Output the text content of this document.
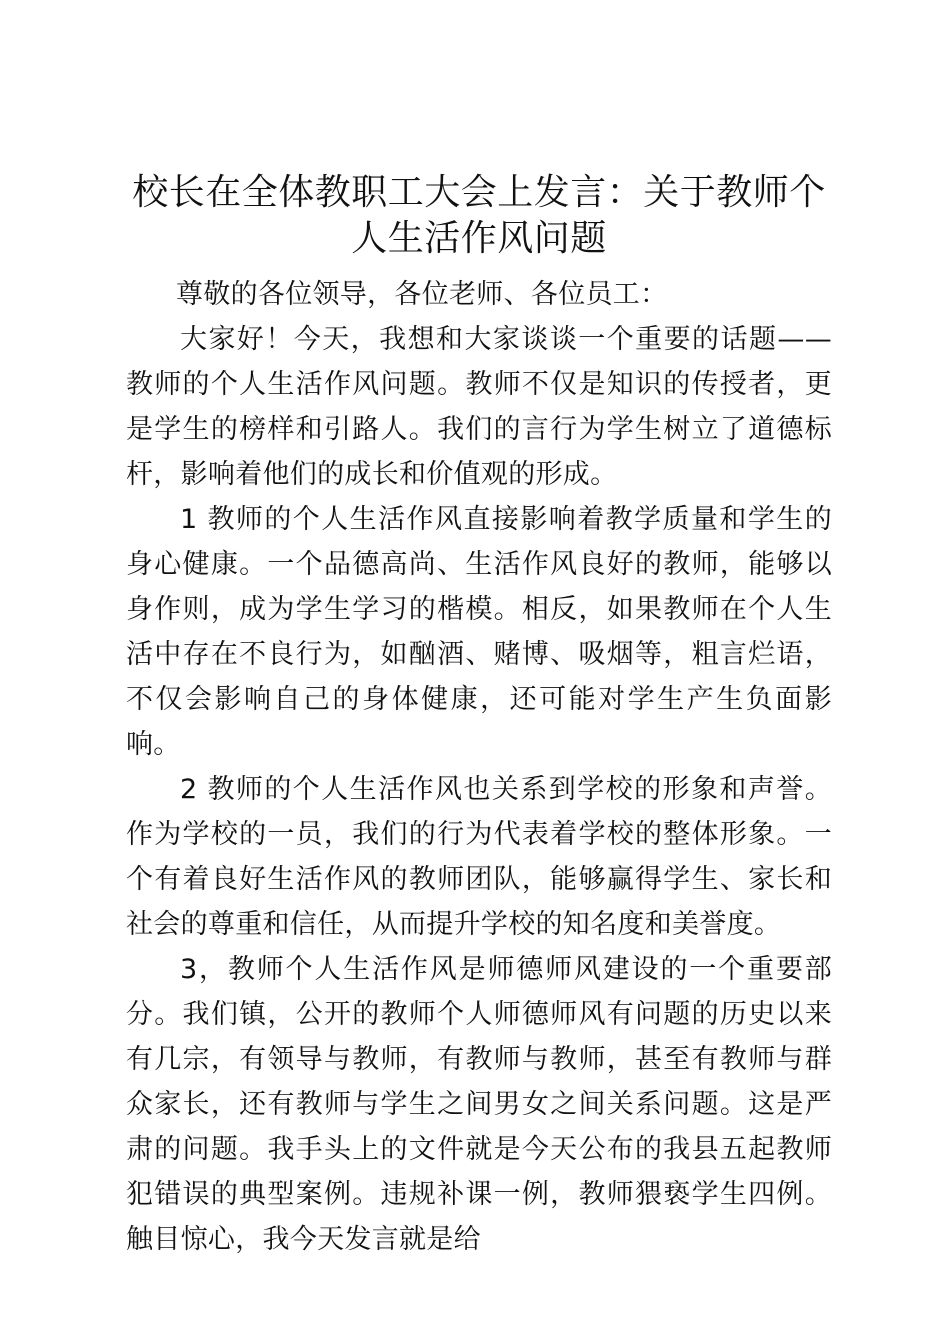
校长在全体教职工大会上发言：关于教师个人生活作风问题

尊敬的各位领导，各位老师、各位员工：

大家好！今天，我想和大家谈谈一个重要的话题——教师的个人生活作风问题。教师不仅是知识的传授者，更是学生的榜样和引路人。我们的言行为学生树立了道德标杆，影响着他们的成长和价值观的形成。

1 教师的个人生活作风直接影响着教学质量和学生的身心健康。一个品德高尚、生活作风良好的教师，能够以身作则，成为学生学习的楷模。相反，如果教师在个人生活中存在不良行为，如酗酒、赌博、吸烟等，粗言烂语，不仅会影响自己的身体健康，还可能对学生产生负面影响。

2 教师的个人生活作风也关系到学校的形象和声誉。作为学校的一员，我们的行为代表着学校的整体形象。一个有着良好生活作风的教师团队，能够赢得学生、家长和社会的尊重和信任，从而提升学校的知名度和美誉度。

3，教师个人生活作风是师德师风建设的一个重要部分。我们镇，公开的教师个人师德师风有问题的历史以来有几宗，有领导与教师，有教师与教师，甚至有教师与群众家长，还有教师与学生之间男女之间关系问题。这是严肃的问题。我手头上的文件就是今天公布的我县五起教师犯错误的典型案例。违规补课一例，教师猥亵学生四例。触目惊心，我今天发言就是给
